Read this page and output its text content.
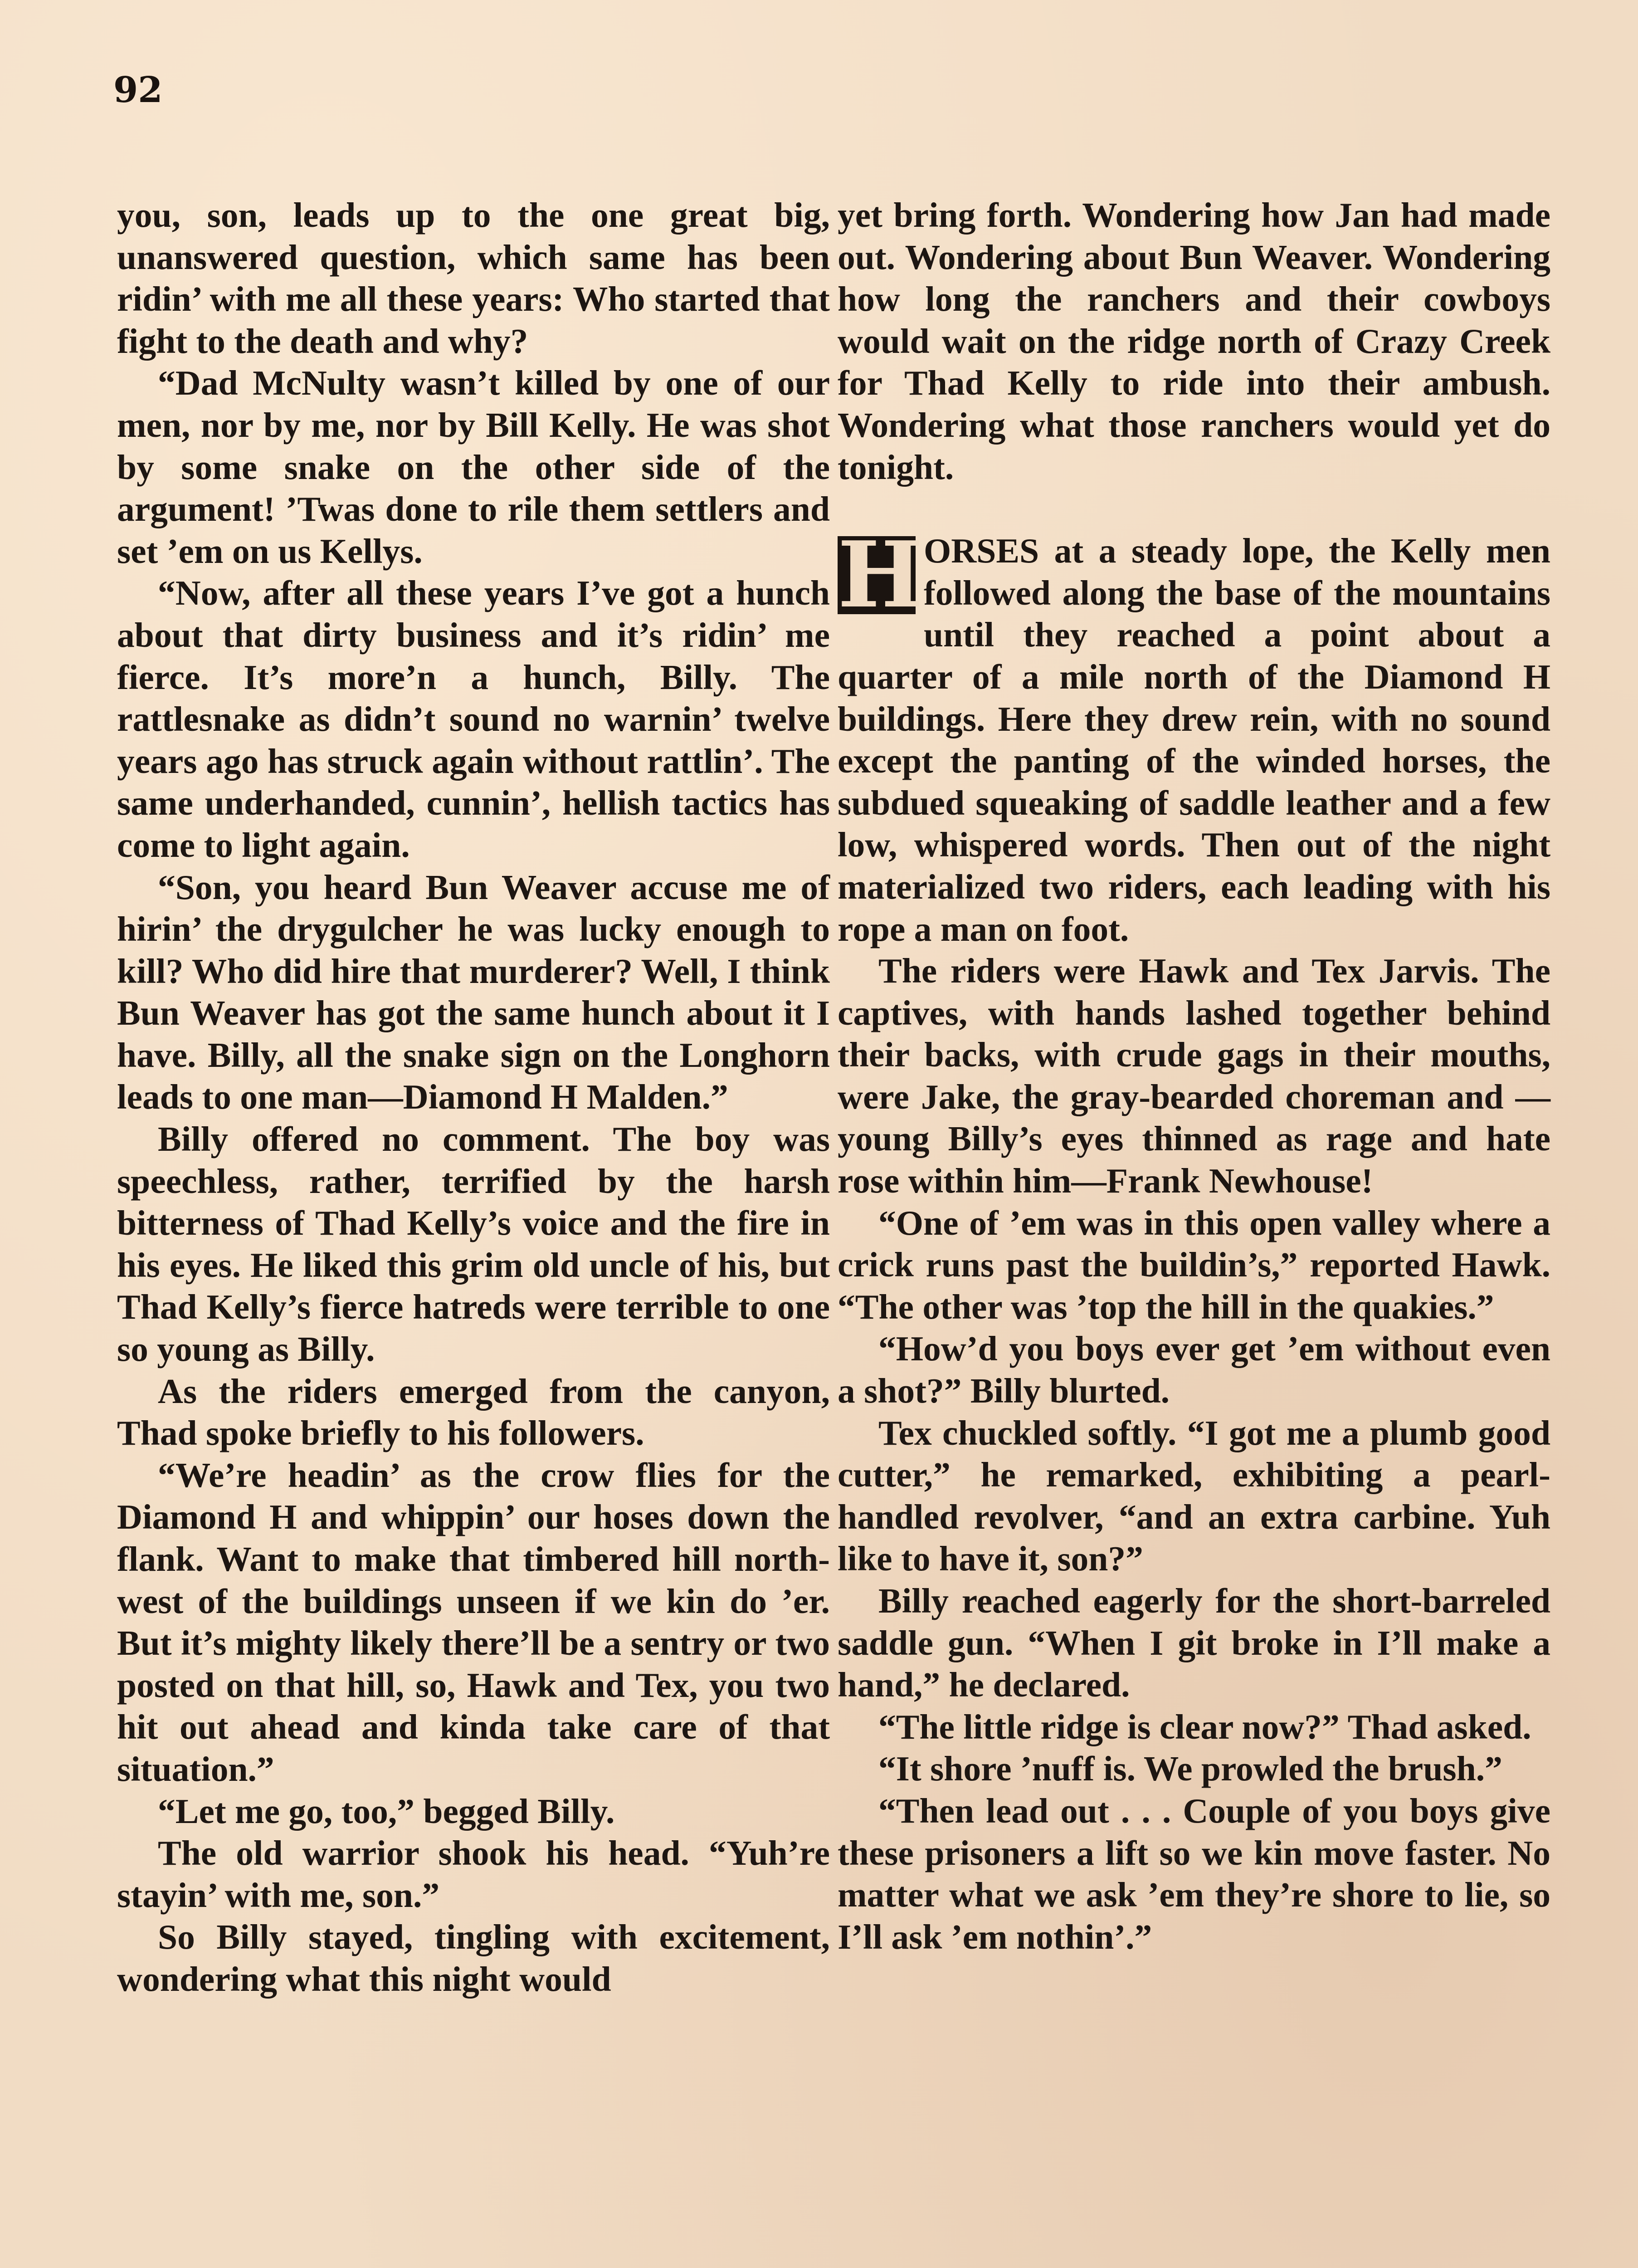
92

you, son, leads up to the one great big, unanswered question, which same has been ridin’ with me all these years: Who started that fight to the death and why?

“Dad McNulty wasn’t killed by one of our men, nor by me, nor by Bill Kelly. He was shot by some snake on the other side of the argument! ’Twas done to rile them settlers and set ’em on us Kellys.

“Now, after all these years I’ve got a hunch about that dirty business and it’s ridin’ me fierce. It’s more’n a hunch, Billy. The rattlesnake as didn’t sound no warnin’ twelve years ago has struck again without rattlin’. The same underhanded, cunnin’, hellish tactics has come to light again.

“Son, you heard Bun Weaver accuse me of hirin’ the drygulcher he was lucky enough to kill? Who did hire that murderer? Well, I think Bun Weaver has got the same hunch about it I have. Billy, all the snake sign on the Longhorn leads to one man—Diamond H Malden.”

Billy offered no comment. The boy was speechless, rather, terrified by the harsh bitterness of Thad Kelly’s voice and the fire in his eyes. He liked this grim old uncle of his, but Thad Kelly’s fierce hatreds were terrible to one so young as Billy.

As the riders emerged from the canyon, Thad spoke briefly to his followers.

“We’re headin’ as the crow flies for the Diamond H and whippin’ our hoses down the flank. Want to make that timbered hill north-west of the buildings unseen if we kin do ’er. But it’s mighty likely there’ll be a sentry or two posted on that hill, so, Hawk and Tex, you two hit out ahead and kinda take care of that situation.”

“Let me go, too,” begged Billy.

The old warrior shook his head. “Yuh’re stayin’ with me, son.”

So Billy stayed, tingling with excitement, wondering what this night would

yet bring forth. Wondering how Jan had made out. Wondering about Bun Weaver. Wondering how long the ranchers and their cowboys would wait on the ridge north of Crazy Creek for Thad Kelly to ride into their ambush. Wondering what those ranchers would yet do tonight.

H ORSES at a steady lope, the Kelly men followed along the base of the mountains until they reached a point about a quarter of a mile north of the Diamond H buildings. Here they drew rein, with no sound except the panting of the winded horses, the subdued squeaking of saddle leather and a few low, whispered words. Then out of the night materialized two riders, each leading with his rope a man on foot.

The riders were Hawk and Tex Jarvis. The captives, with hands lashed together behind their backs, with crude gags in their mouths, were Jake, the gray-bearded choreman and — young Billy’s eyes thinned as rage and hate rose within him—Frank Newhouse!

“One of ’em was in this open valley where a crick runs past the buildin’s,” reported Hawk. “The other was ’top the hill in the quakies.”

“How’d you boys ever get ’em without even a shot?” Billy blurted.

Tex chuckled softly. “I got me a plumb good cutter,” he remarked, exhibiting a pearl-handled revolver, “and an extra carbine. Yuh like to have it, son?”

Billy reached eagerly for the short-barreled saddle gun. “When I git broke in I’ll make a hand,” he declared.

“The little ridge is clear now?” Thad asked.

“It shore ’nuff is. We prowled the brush.”

“Then lead out . . . Couple of you boys give these prisoners a lift so we kin move faster. No matter what we ask ’em they’re shore to lie, so I’ll ask ’em nothin’.”
